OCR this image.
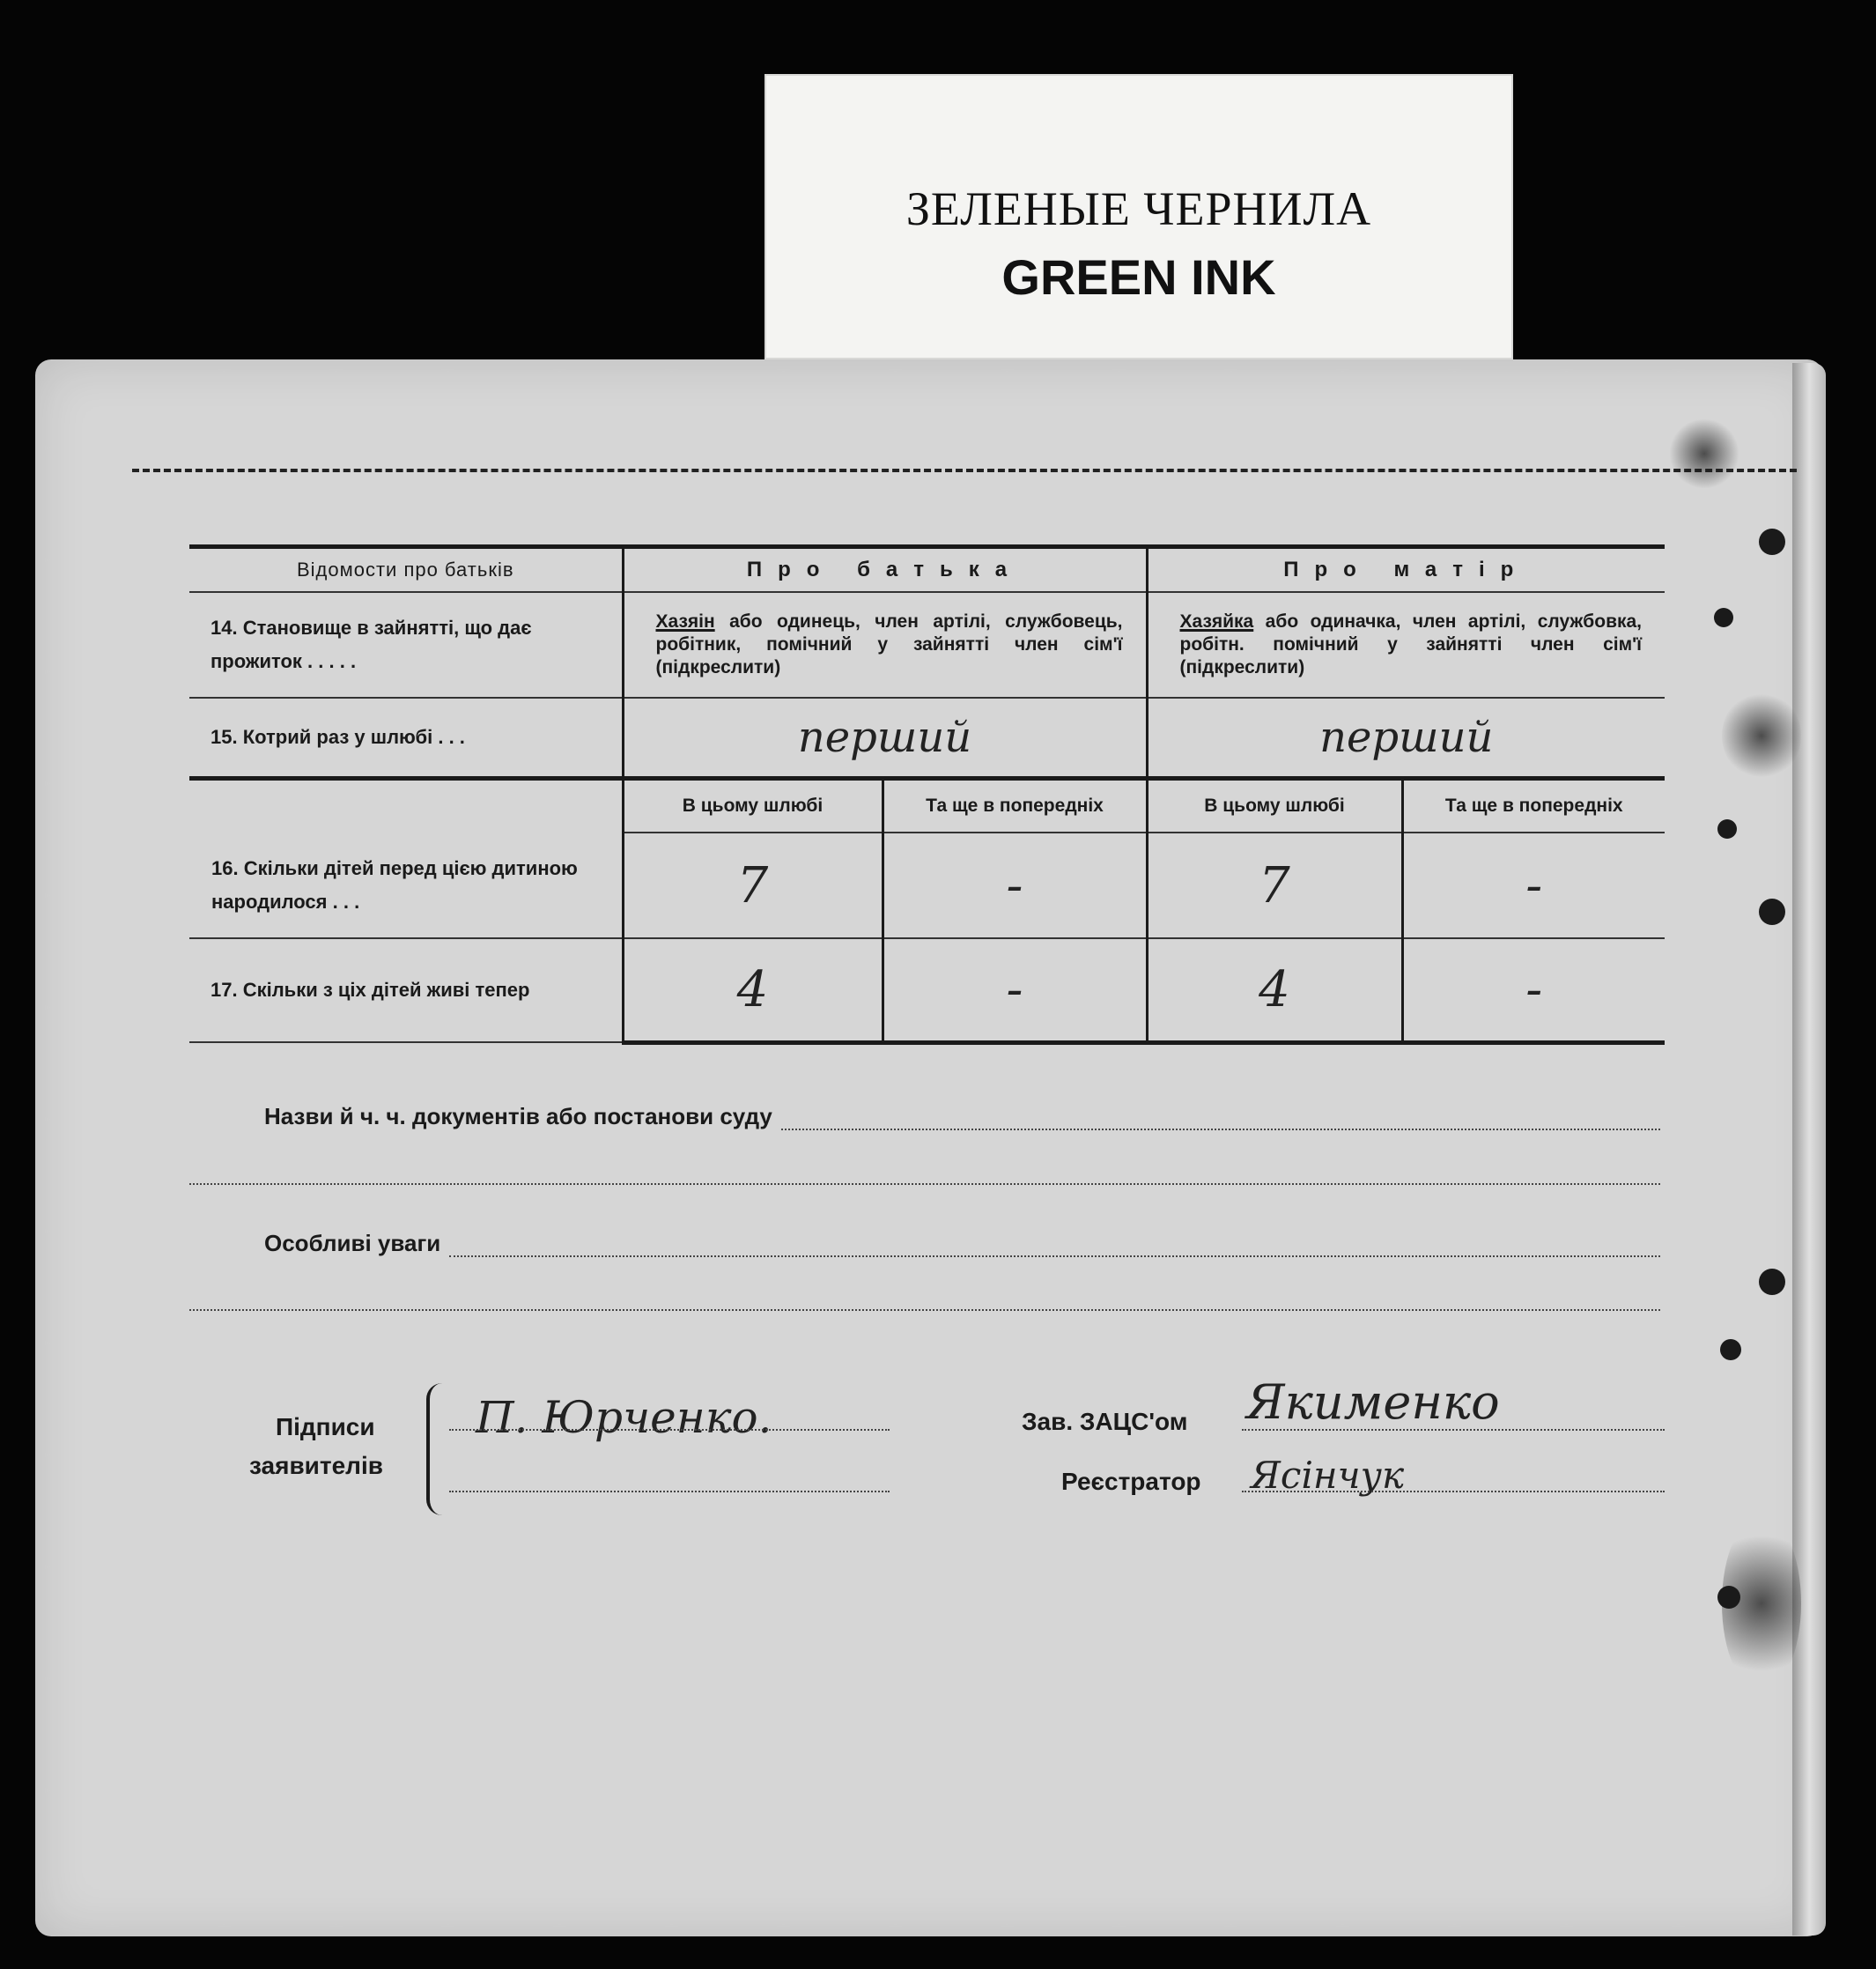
ЗЕЛЕНЫЕ ЧЕРНИЛА
GREEN INK
Відомости про батьків	Про батька		Про матір	
14. Становище в зайнятті, що дає прожиток . . . . .	Хазяін або одинець, член артілі, службовець, робітник, помічний у зайнятті член сім'ї (підкреслити)		Хазяйка або одиначка, член артілі, службовка, робітн. помічний у зайнятті член сім'ї (підкреслити)	
15. Котрий раз у шлюбі . . .	перший		перший	

16. Скільки дітей перед цією дитиною народилося . . .	В цьому шлюбі	Та ще в попередніх	В цьому шлюбі	Та ще в попередніх
	7	-	7	-
17. Скільки з ціх дітей живі тепер	4	-	4	-
Назви й ч. ч. документів або постанови суду
Особливі уваги
Підписи
заявителів
П. Юрченко.	Зав. ЗАЦС'ом Якименко
Реєстратор Ясінчук
